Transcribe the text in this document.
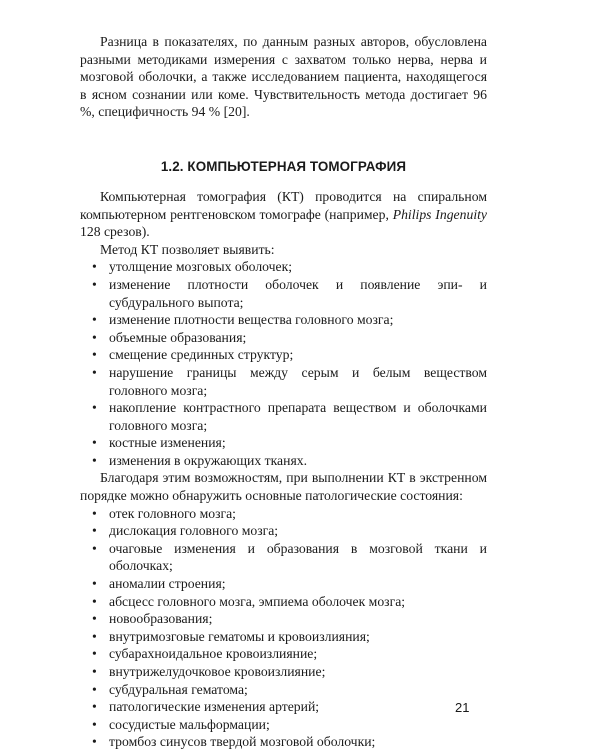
Разница в показателях, по данным разных авторов, обусловлена разными методиками измерения с захватом только нерва, нерва и мозговой оболочки, а также исследованием пациента, находящегося в ясном сознании или коме. Чувствительность метода достигает 96 %, специфичность 94 % [20].

1.2. КОМПЬЮТЕРНАЯ ТОМОГРАФИЯ

Компьютерная томография (КТ) проводится на спиральном компьютерном рентгеновском томографе (например, Philips Ingenuity 128 срезов).

Метод КТ позволяет выявить:

• утолщение мозговых оболочек;
• изменение плотности оболочек и появление эпи- и субдурального выпота;
• изменение плотности вещества головного мозга;
• объемные образования;
• смещение срединных структур;
• нарушение границы между серым и белым веществом головного мозга;
• накопление контрастного препарата веществом и оболочками головного мозга;
• костные изменения;
• изменения в окружающих тканях.

Благодаря этим возможностям, при выполнении КТ в экстренном порядке можно обнаружить основные патологические состояния:

• отек головного мозга;
• дислокация головного мозга;
• очаговые изменения и образования в мозговой ткани и оболочках;
• аномалии строения;
• абсцесс головного мозга, эмпиема оболочек мозга;
• новообразования;
• внутримозговые гематомы и кровоизлияния;
• субарахноидальное кровоизлияние;
• внутрижелудочковое кровоизлияние;
• субдуральная гематома;
• патологические изменения артерий;
• сосудистые мальформации;
• тромбоз синусов твердой мозговой оболочки;
21
